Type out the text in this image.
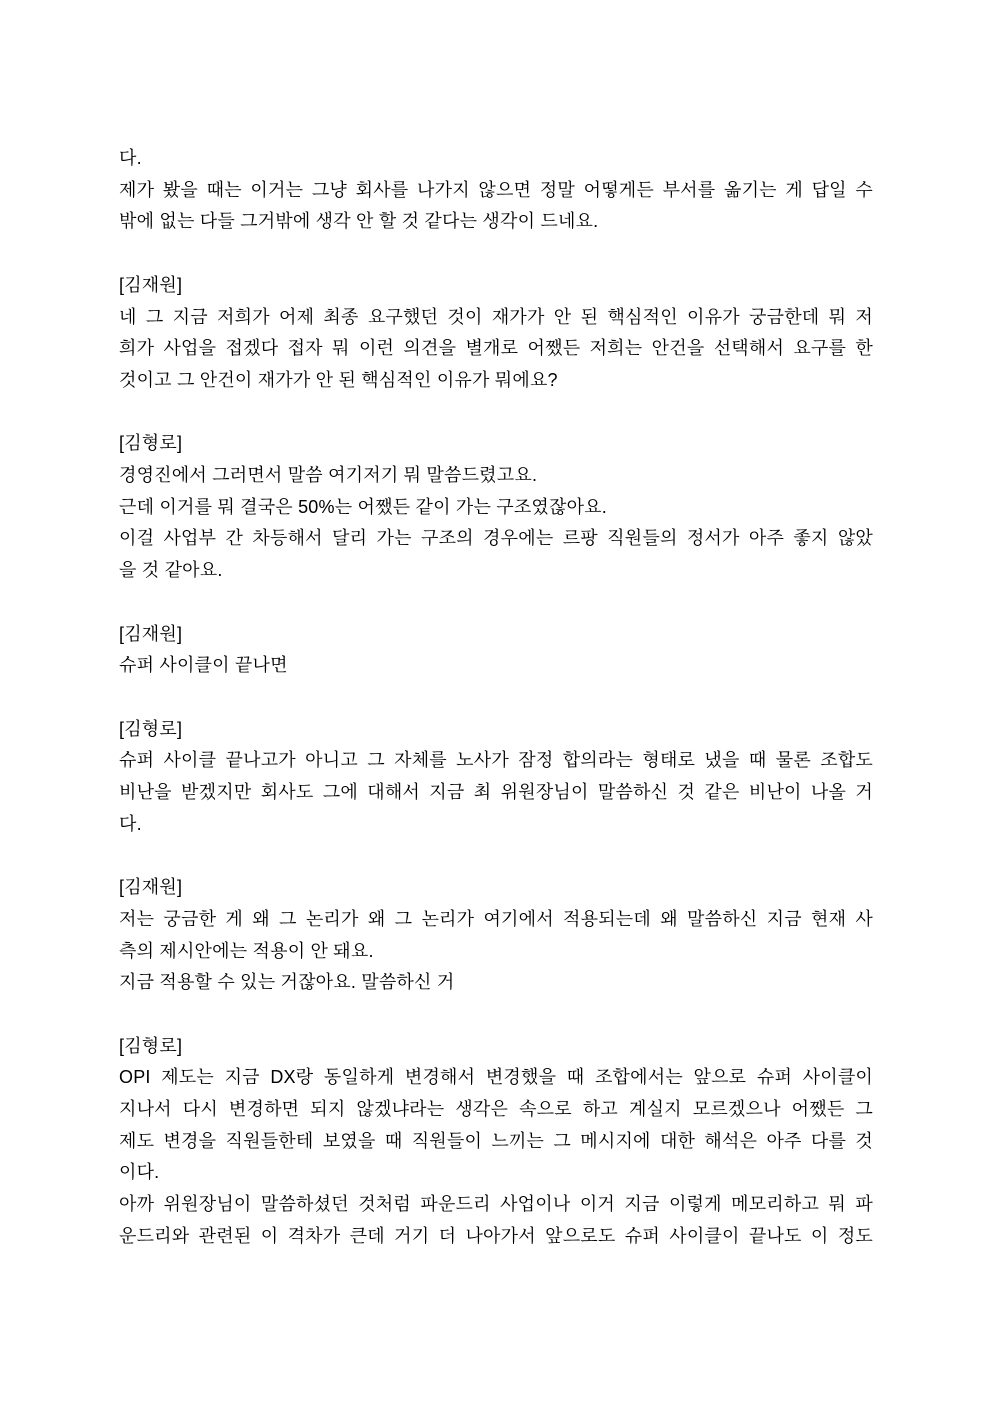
다.
제가 봤을 때는 이거는 그냥 회사를 나가지 않으면 정말 어떻게든 부서를 옮기는 게 답일 수
밖에 없는 다들 그거밖에 생각 안 할 것 같다는 생각이 드네요.
[김재원]
네 그 지금 저희가 어제 최종 요구했던 것이 재가가 안 된 핵심적인 이유가 궁금한데 뭐 저
희가 사업을 접겠다 접자 뭐 이런 의견을 별개로 어쨌든 저희는 안건을 선택해서 요구를 한
것이고 그 안건이 재가가 안 된 핵심적인 이유가 뭐에요?
[김형로]
경영진에서 그러면서 말씀 여기저기 뭐 말씀드렸고요.
근데 이거를 뭐 결국은 50%는 어쨌든 같이 가는 구조였잖아요.
이걸 사업부 간 차등해서 달리 가는 구조의 경우에는 르팡 직원들의 정서가 아주 좋지 않았
을 것 같아요.
[김재원]
슈퍼 사이클이 끝나면
[김형로]
슈퍼 사이클 끝나고가 아니고 그 자체를 노사가 잠정 합의라는 형태로 냈을 때 물론 조합도
비난을 받겠지만 회사도 그에 대해서 지금 최 위원장님이 말씀하신 것 같은 비난이 나올 거
다.
[김재원]
저는 궁금한 게 왜 그 논리가 왜 그 논리가 여기에서 적용되는데 왜 말씀하신 지금 현재 사
측의 제시안에는 적용이 안 돼요.
지금 적용할 수 있는 거잖아요. 말씀하신 거
[김형로]
OPI 제도는 지금 DX랑 동일하게 변경해서 변경했을 때 조합에서는 앞으로 슈퍼 사이클이
지나서 다시 변경하면 되지 않겠냐라는 생각은 속으로 하고 계실지 모르겠으나 어쨌든 그
제도 변경을 직원들한테 보였을 때 직원들이 느끼는 그 메시지에 대한 해석은 아주 다를 것
이다.
아까 위원장님이 말씀하셨던 것처럼 파운드리 사업이나 이거 지금 이렇게 메모리하고 뭐 파
운드리와 관련된 이 격차가 큰데 거기 더 나아가서 앞으로도 슈퍼 사이클이 끝나도 이 정도
